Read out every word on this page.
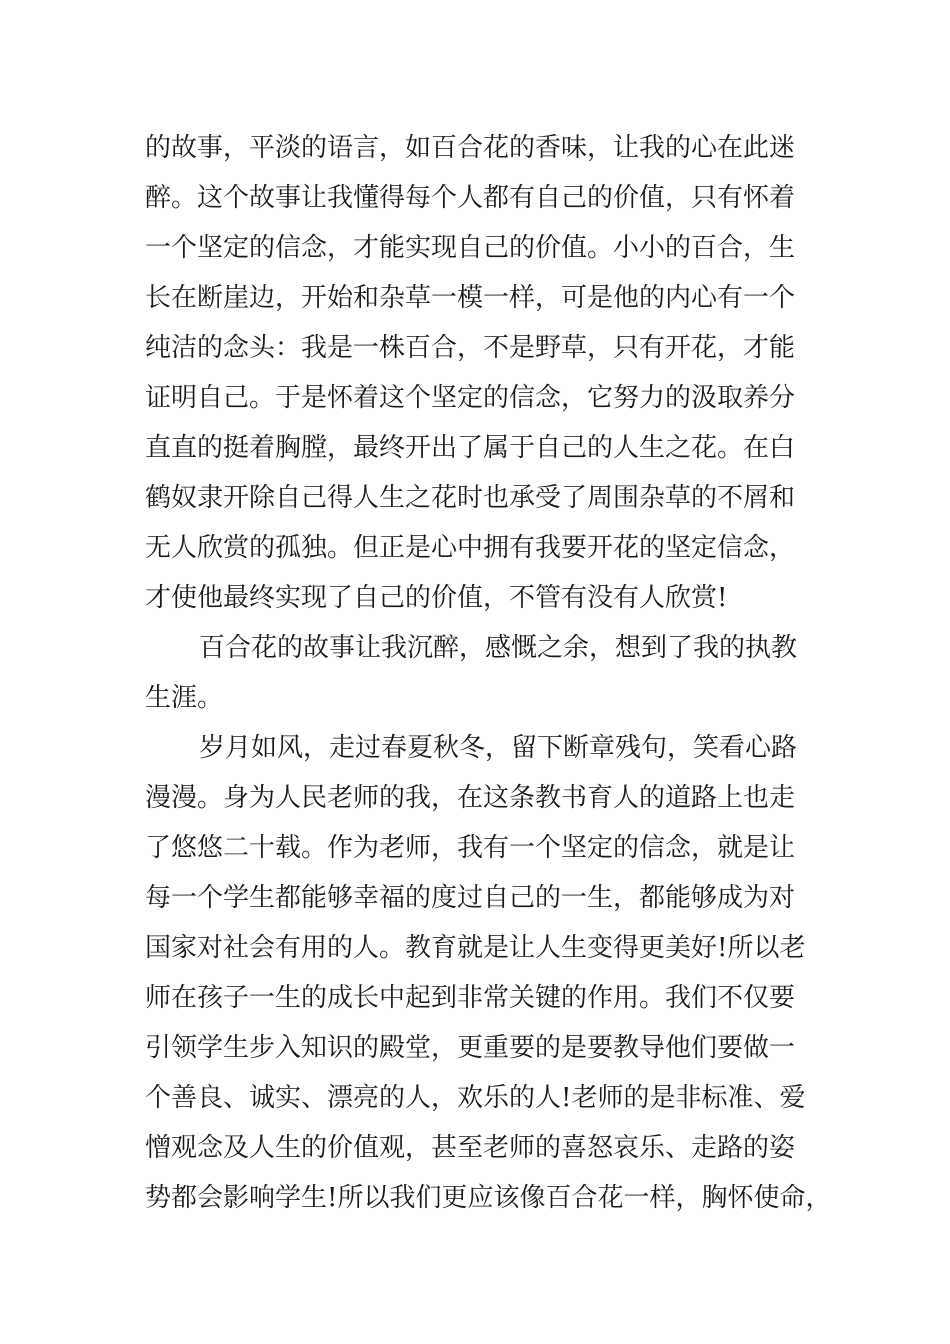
的故事，平淡的语言，如百合花的香味，让我的心在此迷
醉。这个故事让我懂得每个人都有自己的价值，只有怀着
一个坚定的信念，才能实现自己的价值。小小的百合，生
长在断崖边，开始和杂草一模一样，可是他的内心有一个
纯洁的念头：我是一株百合，不是野草，只有开花，才能
证明自己。于是怀着这个坚定的信念，它努力的汲取养分
直直的挺着胸膛，最终开出了属于自己的人生之花。在白
鹤奴隶开除自己得人生之花时也承受了周围杂草的不屑和
无人欣赏的孤独。但正是心中拥有我要开花的坚定信念，
才使他最终实现了自己的价值，不管有没有人欣赏!
百合花的故事让我沉醉，感慨之余，想到了我的执教
生涯。
岁月如风，走过春夏秋冬，留下断章残句，笑看心路
漫漫。身为人民老师的我，在这条教书育人的道路上也走
了悠悠二十载。作为老师，我有一个坚定的信念，就是让
每一个学生都能够幸福的度过自己的一生，都能够成为对
国家对社会有用的人。教育就是让人生变得更美好!所以老
师在孩子一生的成长中起到非常关键的作用。我们不仅要
引领学生步入知识的殿堂，更重要的是要教导他们要做一
个善良、诚实、漂亮的人，欢乐的人!老师的是非标准、爱
憎观念及人生的价值观，甚至老师的喜怒哀乐、走路的姿
势都会影响学生!所以我们更应该像百合花一样，胸怀使命，
